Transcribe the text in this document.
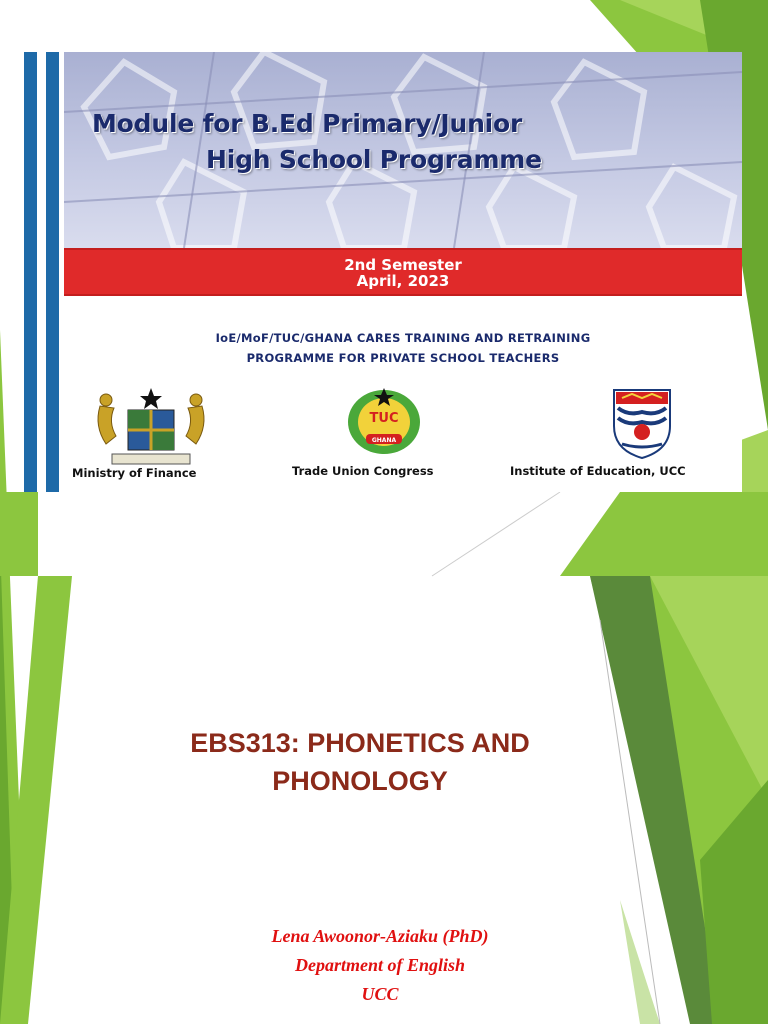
Module for B.Ed Primary/Junior
High School Programme
2nd Semester
April, 2023
IoE/MoF/TUC/GHANA CARES TRAINING AND RETRAINING
PROGRAMME FOR PRIVATE SCHOOL TEACHERS
Ministry of Finance
TUC
GHANA
Trade Union Congress	Institute of Education, UCC
EBS313: PHONETICS AND
PHONOLOGY
Lena Awoonor-Aziaku (PhD)
Department of English
UCC
